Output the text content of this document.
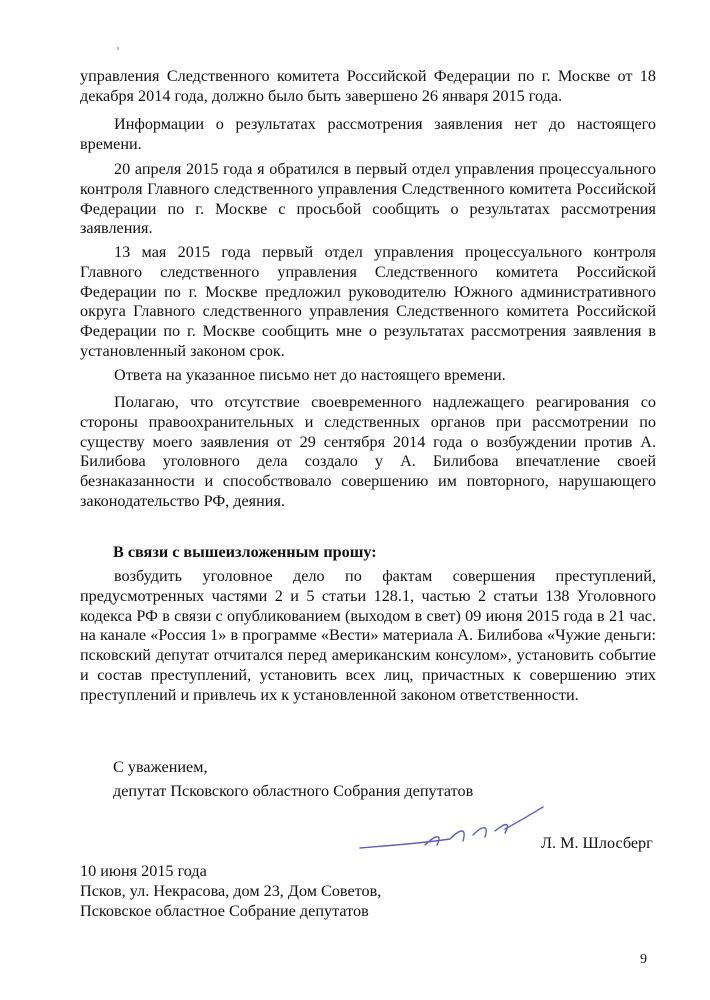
управления Следственного комитета Российской Федерации по г. Москве от 18 декабря 2014 года, должно было быть завершено 26 января 2015 года.

Информации о результатах рассмотрения заявления нет до настоящего времени.

20 апреля 2015 года я обратился в первый отдел управления процессуального контроля Главного следственного управления Следственного комитета Российской Федерации по г. Москве с просьбой сообщить о результатах рассмотрения заявления.

13 мая 2015 года первый отдел управления процессуального контроля Главного следственного управления Следственного комитета Российской Федерации по г. Москве предложил руководителю Южного административного округа Главного следственного управления Следственного комитета Российской Федерации по г. Москве сообщить мне о результатах рассмотрения заявления в установленный законом срок.

Ответа на указанное письмо нет до настоящего времени.

Полагаю, что отсутствие своевременного надлежащего реагирования со стороны правоохранительных и следственных органов при рассмотрении по существу моего заявления от 29 сентября 2014 года о возбуждении против А. Билибова уголовного дела создало у А. Билибова впечатление своей безнаказанности и способствовало совершению им повторного, нарушающего законодательство РФ, деяния.

В связи с вышеизложенным прошу:

возбудить уголовное дело по фактам совершения преступлений, предусмотренных частями 2 и 5 статьи 128.1, частью 2 статьи 138 Уголовного кодекса РФ в связи с опубликованием (выходом в свет) 09 июня 2015 года в 21 час. на канале «Россия 1» в программе «Вести» материала А. Билибова «Чужие деньги: псковский депутат отчитался перед американским консулом», установить событие и состав преступлений, установить всех лиц, причастных к совершению этих преступлений и привлечь их к установленной законом ответственности.

С уважением,

депутат Псковского областного Собрания депутатов

Л. М. Шлосберг

10 июня 2015 года

Псков, ул. Некрасова, дом 23, Дом Советов,

Псковское областное Собрание депутатов

9
